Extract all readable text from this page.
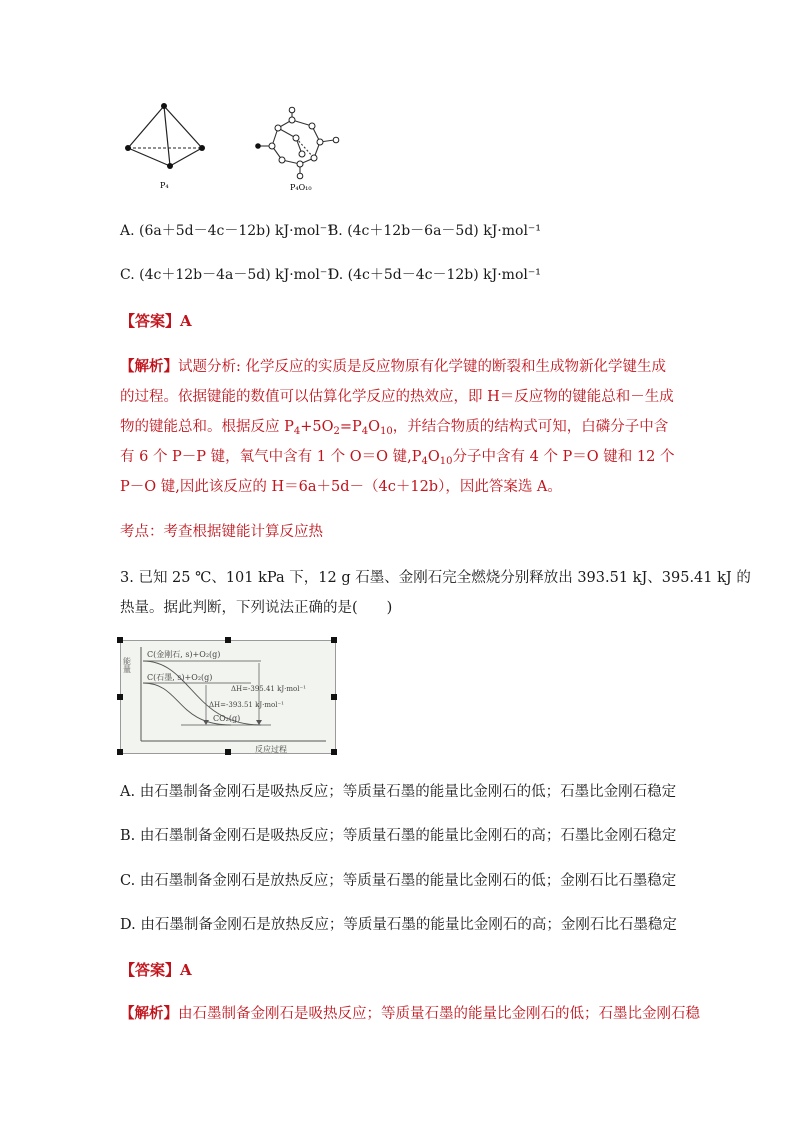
P₄	P₄O₁₀
A. (6a＋5d－4c－12b) kJ·mol⁻¹
B. (4c＋12b－6a－5d) kJ·mol⁻¹
C. (4c＋12b－4a－5d) kJ·mol⁻¹
D. (4c＋5d－4c－12b) kJ·mol⁻¹
【答案】A
【解析】试题分析: 化学反应的实质是反应物原有化学键的断裂和生成物新化学键生成的过程。依据键能的数值可以估算化学反应的热效应，即 H＝反应物的键能总和－生成物的键能总和。根据反应 $P_4+5O_2=P_4O_{10}$，并结合物质的结构式可知，白磷分子中含有 6 个 P－P 键，氧气中含有 1 个 O＝O 键$,P_4O_{10}$分子中含有 4 个 P＝O 键和 12 个 P－O 键,因此该反应的 H＝6a＋5d－（4c＋12b），因此答案选 A。
考点：考查根据键能计算反应热
3. 已知 25 ℃、101 kPa 下，12 g 石墨、金刚石完全燃烧分别释放出 393.51 kJ、395.41 kJ 的
热量。据此判断，下列说法正确的是(　　)
能量
C(金刚石, s)+O₂(g)
C(石墨, s)+O₂(g)
ΔH=-395.41 kJ·mol⁻¹
ΔH=-393.51 kJ·mol⁻¹
CO₂(g)
反应过程
A. 由石墨制备金刚石是吸热反应；等质量石墨的能量比金刚石的低；石墨比金刚石稳定
B. 由石墨制备金刚石是吸热反应；等质量石墨的能量比金刚石的高；石墨比金刚石稳定
C. 由石墨制备金刚石是放热反应；等质量石墨的能量比金刚石的低；金刚石比石墨稳定
D. 由石墨制备金刚石是放热反应；等质量石墨的能量比金刚石的高；金刚石比石墨稳定
【答案】A
【解析】由石墨制备金刚石是吸热反应；等质量石墨的能量比金刚石的低；石墨比金刚石稳
